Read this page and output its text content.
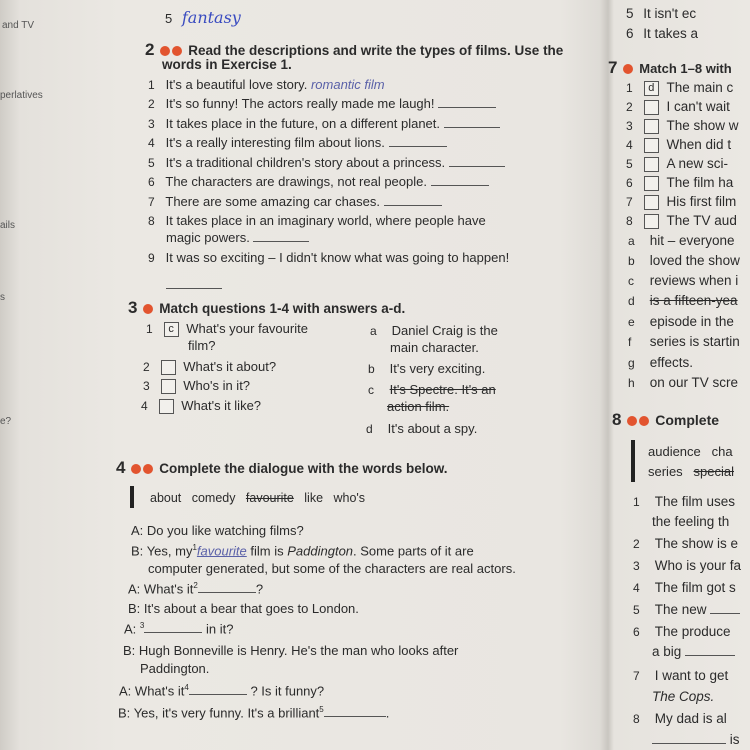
and TV
perlatives
ails
s
e?
5 fantasy
2	Read the descriptions and write the types of films. Use the
words in Exercise 1.
1 It's a beautiful love story. romantic film
2 It's so funny! The actors really made me laugh!
3 It takes place in the future, on a different planet.
4 It's a really interesting film about lions.
5 It's a traditional children's story about a princess.
6 The characters are drawings, not real people.
7 There are some amazing car chases.
8 It takes place in an imaginary world, where people have
magic powers.
9 It was so exciting – I didn't know what was going to happen!
3 Match questions 1-4 with answers a-d.
1 c What's your favourite
film?
2	What's it about?
3	Who's in it?
4	What's it like?
a Daniel Craig is the
main character.
b It's very exciting.
c It's Spectre. It's an
action film.
d It's about a spy.
4	Complete the dialogue with the words below.
about comedy favourite like who's
A: Do you like watching films?
B: Yes, $my^1favourite$ film is Paddington. Some parts of it are
computer generated, but some of the characters are real actors.
A: What's $it^2$	?
B: It's about a bear that goes to London.
A: $^3$	in it?
B: Hugh Bonneville is Henry. He's the man who looks after
Paddington.
A: What's $it^4$	? Is it funny?
B: Yes, it's very funny. It's a brilliant$^5$	.
5 It isn't ec
6 It takes a
7 Match 1–8 with
1 d The main c
2	I can't wait
3	The show w
4	When did t
5	A new sci-
6	The film ha
7	His first film
8	The TV aud
a hit – everyone
b loved the show
c reviews when i
d is a fifteen-yea
e episode in the
f series is startin
g effects.
h on our TV scre
8 Complete
audience cha
series special
1 The film uses
the feeling th
2 The show is e
3 Who is your fa
4 The film got s
5 The new
6 The produce
a big
7 I want to get
The Cops.
8 My dad is al
is
